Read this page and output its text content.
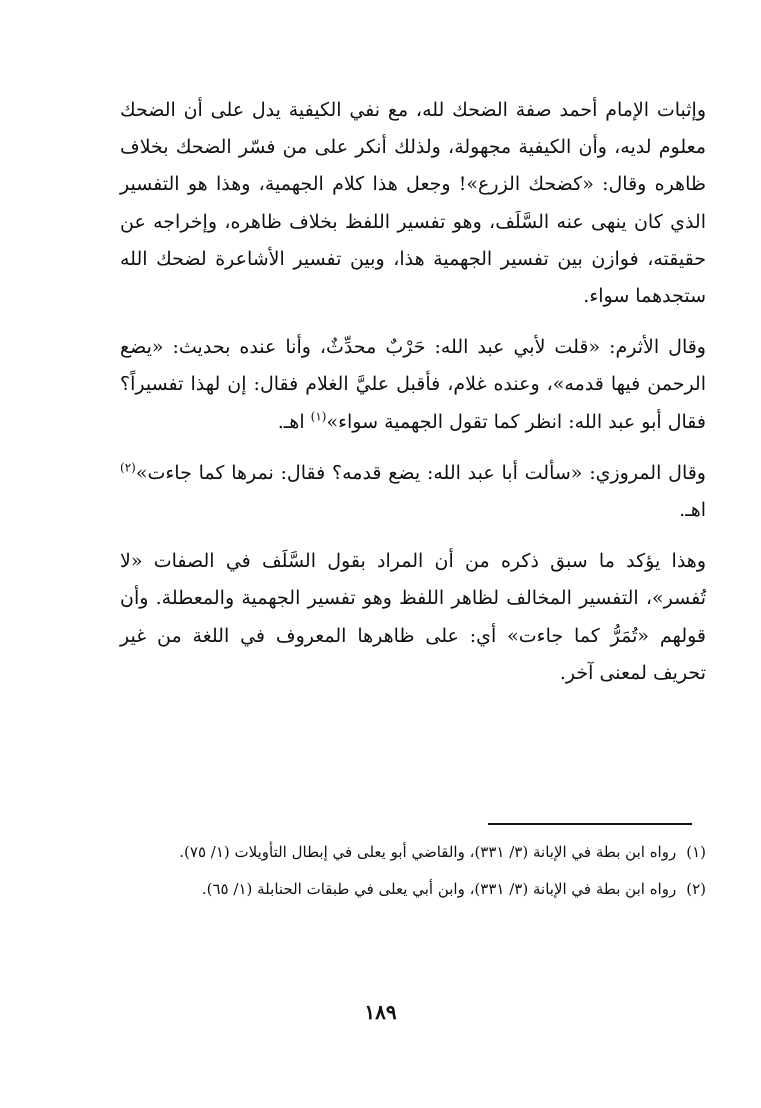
وإثبات الإمام أحمد صفة الضحك لله، مع نفي الكيفية يدل على أن الضحك معلوم لديه، وأن الكيفية مجهولة، ولذلك أنكر على من فسّر الضحك بخلاف ظاهره وقال: «كضحك الزرع»! وجعل هذا كلام الجهمية، وهذا هو التفسير الذي كان ينهى عنه السَّلَف، وهو تفسير اللفظ بخلاف ظاهره، وإخراجه عن حقيقته، فوازن بين تفسير الجهمية هذا، وبين تفسير الأشاعرة لضحك الله ستجدهما سواء.

وقال الأثرم: «قلت لأبي عبد الله: حَرْبٌ محدِّثٌ، وأنا عنده بحديث: «يضع الرحمن فيها قدمه»، وعنده غلام، فأقبل عليَّ الغلام فقال: إن لهذا تفسيراً؟ فقال أبو عبد الله: انظر كما تقول الجهمية سواء»$^{(١)}$ اهـ.

وقال المروزي: «سألت أبا عبد الله: يضع قدمه؟ فقال: نمرها كما جاءت»$^{(٢)}$ اهـ.

وهذا يؤكد ما سبق ذكره من أن المراد بقول السَّلَف في الصفات «لا تُفسر»، التفسير المخالف لظاهر اللفظ وهو تفسير الجهمية والمعطلة. وأن قولهم «تُمَرُّ كما جاءت» أي: على ظاهرها المعروف في اللغة من غير تحريف لمعنى آخر.

(١)
رواه ابن بطة في الإبانة (٣/ ٣٣١)، والقاضي أبو يعلى في إبطال التأويلات (١/ ٧٥).
(٢)
رواه ابن بطة في الإبانة (٣/ ٣٣١)، وابن أبي يعلى في طبقات الحنابلة (١/ ٦٥).
١٨٩
